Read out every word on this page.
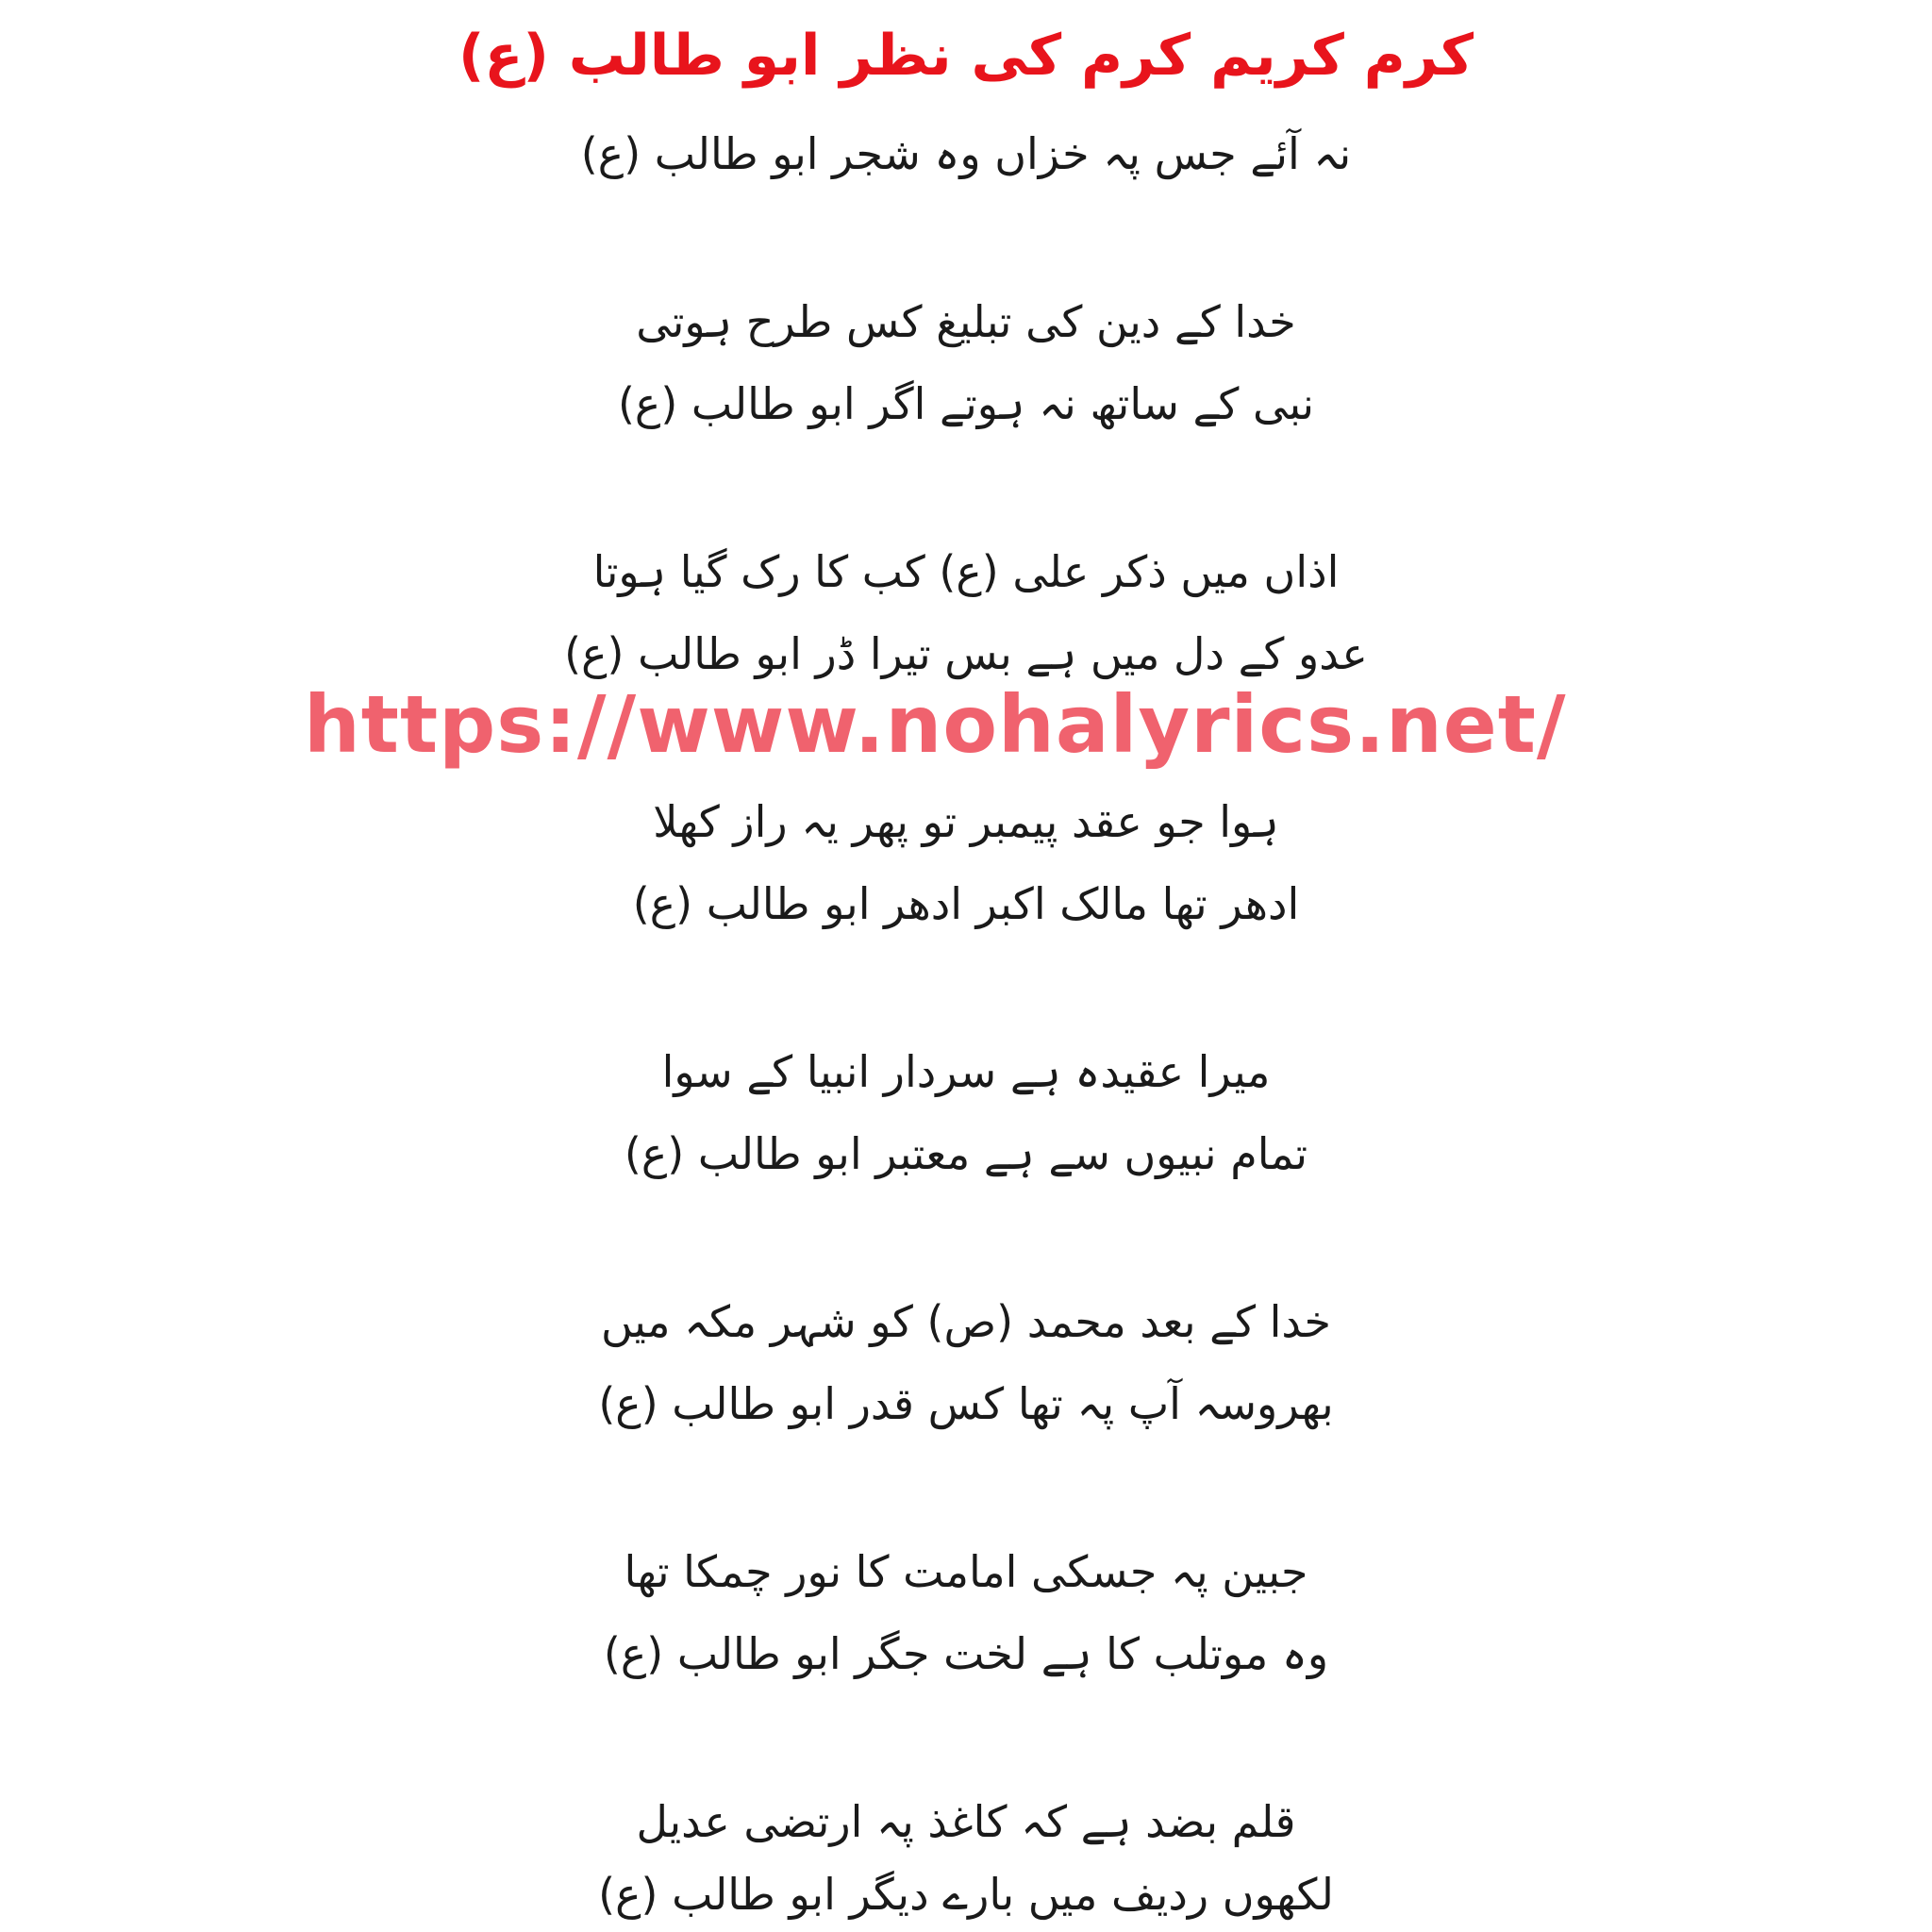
کرم کریم کرم کی نظر ابو طالب (ع)
نہ آئے جس پہ خزاں وہ شجر ابو طالب (ع)
خدا کے دین کی تبلیغ کس طرح ہوتی
نبی کے ساتھ نہ ہوتے اگر ابو طالب (ع)
اذاں میں ذکر علی (ع) کب کا رک گیا ہوتا
عدو کے دل میں ہے بس تیرا ڈر ابو طالب (ع)
ہوا جو عقد پیمبر تو پھر یہ راز کھلا
ادھر تھا مالک اکبر ادھر ابو طالب (ع)
میرا عقیدہ ہے سردار انبیا کے سوا
تمام نبیوں سے ہے معتبر ابو طالب (ع)
خدا کے بعد محمد (ص) کو شہر مکہ میں
بھروسہ آپ پہ تھا کس قدر ابو طالب (ع)
جبین پہ جسکی امامت کا نور چمکا تھا
وہ موتلب کا ہے لخت جگر ابو طالب (ع)
قلم بضد ہے کہ کاغذ پہ ارتضی عدیل
لکھوں ردیف میں بارے دیگر ابو طالب (ع)
https://www.nohalyrics.net/
